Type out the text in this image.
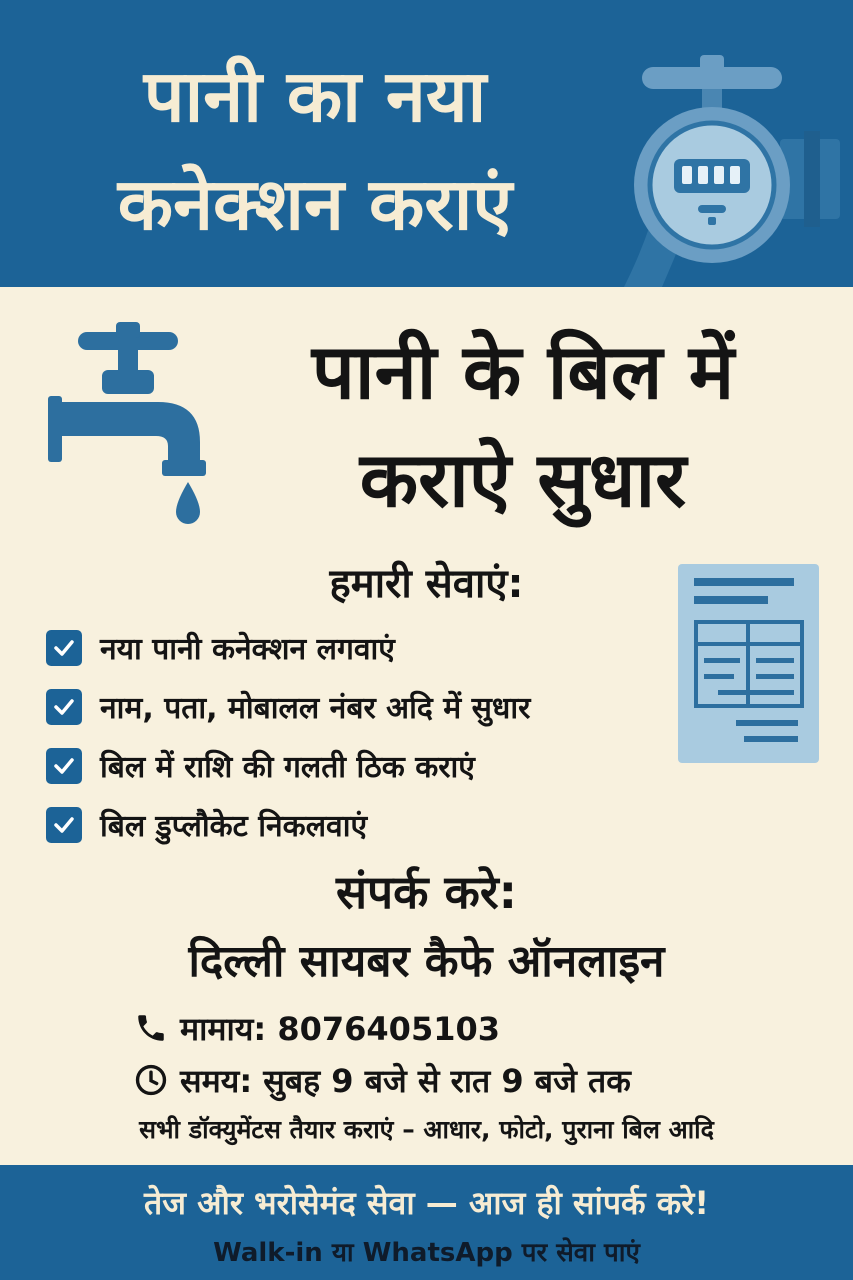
पानी का नया
कनेक्शन कराएं
पानी के बिल में
कराऐ सुधार
हमारी सेवाएं:
नया पानी कनेक्शन लगवाएं
नाम, पता, मोबालल नंबर अदि में सुधार
बिल में राशि की गलती ठिक कराएं
बिल डुप्लौकेट निकलवाएं
संपर्क करे:
दिल्ली सायबर कैफे ऑनलाइन
मामाय: 8076405103
समय: सुबह 9 बजे से रात 9 बजे तक

सभी डॉक्युमेंटस तैयार कराएं – आधार, फोटो, पुराना बिल आदि

तेज और भरोसेमंद सेवा — आज ही सांपर्क करे!

Walk-in या WhatsApp पर सेवा पाएं
